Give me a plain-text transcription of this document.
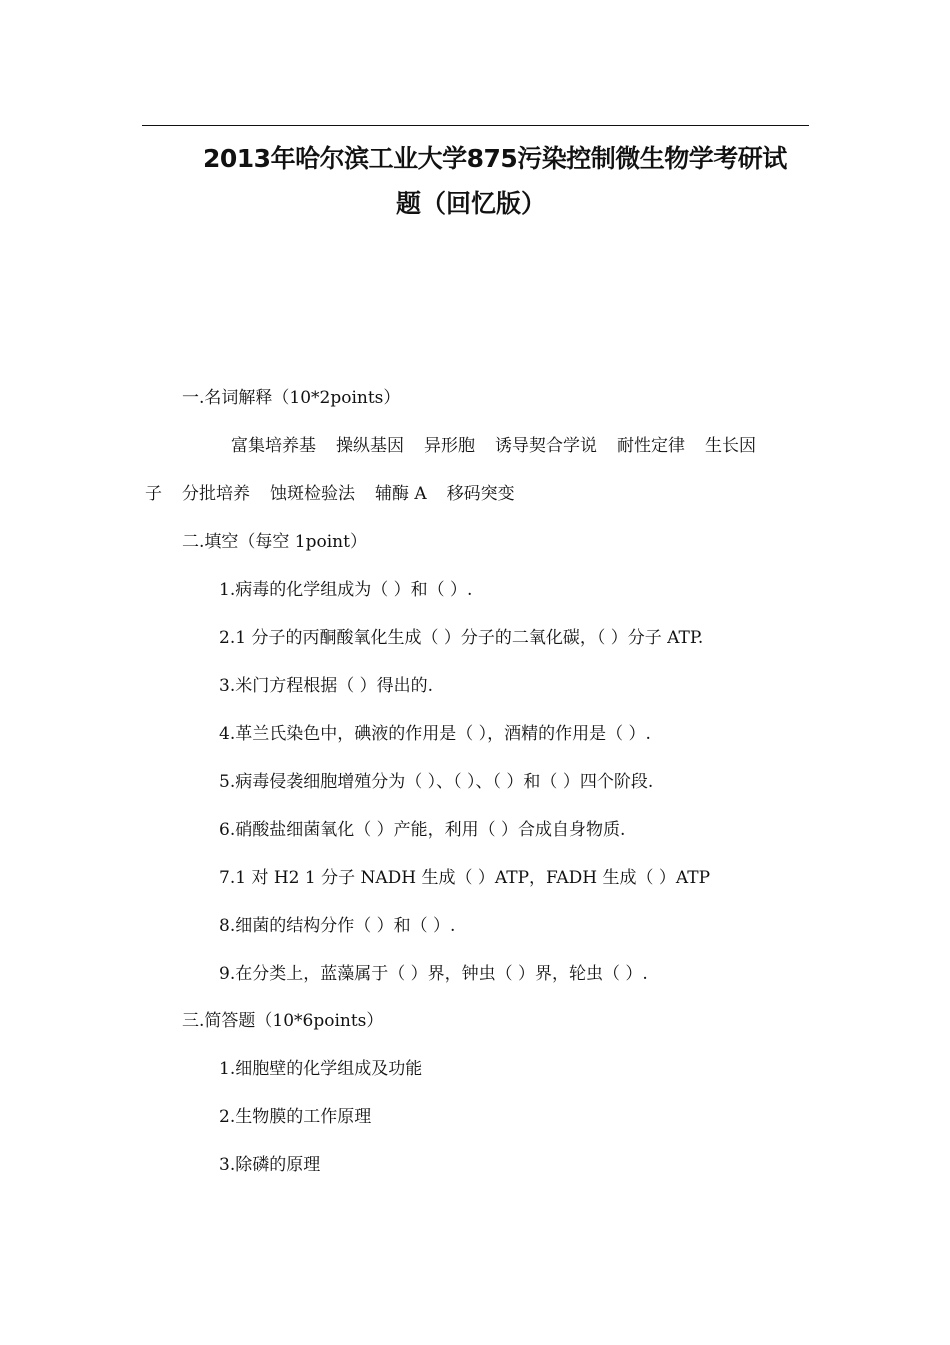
2013年哈尔滨工业大学875污染控制微生物学考研试
题（回忆版）
一.名词解释（10*2points）
富集培养基 操纵基因 异形胞 诱导契合学说 耐性定律 生长因
子 分批培养 蚀斑检验法 辅酶 A 移码突变
二.填空（每空 1point）
1.病毒的化学组成为（ ）和（ ）.
2.1 分子的丙酮酸氧化生成（ ）分子的二氧化碳，（ ）分子 ATP.
3.米门方程根据（ ）得出的.
4.革兰氏染色中，碘液的作用是（ ），酒精的作用是（ ）.
5.病毒侵袭细胞增殖分为（ ）、（ ）、（ ）和（ ）四个阶段.
6.硝酸盐细菌氧化（ ）产能，利用（ ）合成自身物质.
7.1 对 H2 1 分子 NADH 生成（ ）ATP，FADH 生成（ ）ATP
8.细菌的结构分作（ ）和（ ）.
9.在分类上，蓝藻属于（ ）界，钟虫（ ）界，轮虫（ ）.
三.简答题（10*6points）
1.细胞壁的化学组成及功能
2.生物膜的工作原理
3.除磷的原理
